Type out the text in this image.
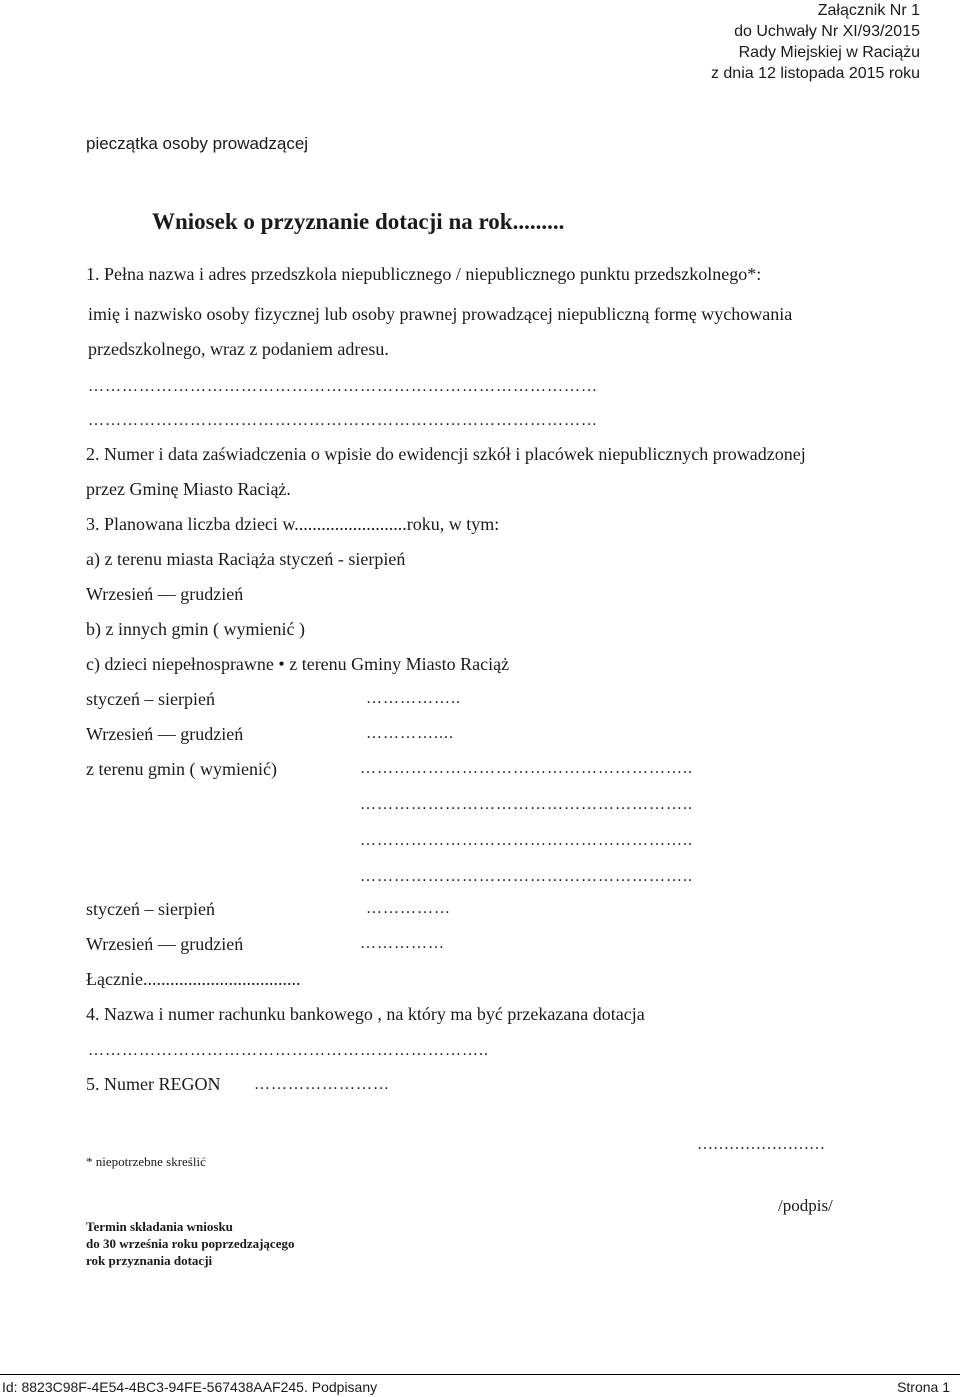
Załącznik Nr 1
do Uchwały Nr XI/93/2015
Rady Miejskiej w Raciążu
z dnia 12 listopada 2015 roku
pieczątka osoby prowadzącej
Wniosek o przyznanie dotacji na rok.........
1. Pełna nazwa i adres przedszkola niepublicznego / niepublicznego punktu przedszkolnego*:
imię i nazwisko osoby fizycznej lub osoby prawnej prowadzącej niepubliczną formę wychowania
przedszkolnego, wraz z podaniem adresu.
………………………………………………………………………………
………………………………………………………………………………
2. Numer i data zaświadczenia o wpisie do ewidencji szkół i placówek niepublicznych prowadzonej
przez Gminę Miasto Raciąż.
3. Planowana liczba dzieci w.........................roku, w tym:
a) z terenu miasta Raciąża styczeń - sierpień
Wrzesień — grudzień
b) z innych gmin ( wymienić )
c) dzieci niepełnosprawne • z terenu Gminy Miasto Raciąż
styczeń – sierpień	……………..
Wrzesień — grudzień	…………....
z terenu gmin ( wymienić)	…………………………………………………..
…………………………………………………..
…………………………………………………..
…………………………………………………..
styczeń – sierpień	……………
Wrzesień — grudzień	……………
Łącznie...................................
4. Nazwa i numer rachunku bankowego , na który ma być przekazana dotacja
……………………………………………………………..
5. Numer REGON ……………………
……………………
/podpis/
* niepotrzebne skreślić
Termin składania wniosku
do 30 września roku poprzedzającego
rok przyznania dotacji
Id: 8823C98F-4E54-4BC3-94FE-567438AAF245. Podpisany	Strona 1
